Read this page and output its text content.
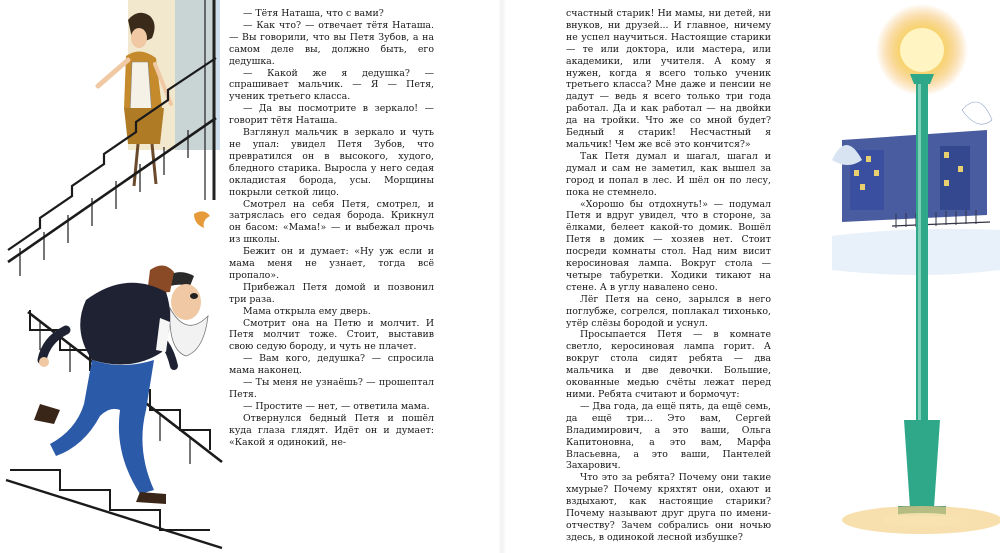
— Тётя Наташа, что с вами?

— Как что? — отвечает тётя Наташа. — Вы говорили, что вы Петя Зубов, а на самом деле вы, должно быть, его дедушка.

— Какой же я дедушка? — спрашивает мальчик. — Я — Петя, ученик третьего класса.

— Да вы посмотрите в зеркало! — говорит тётя Наташа.

Взглянул мальчик в зеркало и чуть не упал: увидел Петя Зубов, что превратился он в высокого, худого, бледного старика. Выросла у него седая окладистая борода, усы. Морщины покрыли сеткой лицо.

Смотрел на себя Петя, смотрел, и затряслась его седая борода. Крикнул он басом: «Мама!» — и выбежал прочь из школы.

Бежит он и думает: «Ну уж если и мама меня не узнает, тогда всё пропало».

Прибежал Петя домой и позвонил три раза.

Мама открыла ему дверь.

Смотрит она на Петю и молчит. И Петя молчит тоже. Стоит, выставив свою седую бороду, и чуть не плачет.

— Вам кого, дедушка? — спросила мама наконец.

— Ты меня не узнаёшь? — прошептал Петя.

— Простите — нет, — ответила мама.

Отвернулся бедный Петя и пошёл куда глаза глядят. Идёт он и думает: «Какой я одинокий, не-

счастный старик! Ни мамы, ни детей, ни внуков, ни друзей... И главное, ничему не успел научиться. Настоящие старики — те или доктора, или мастера, или академики, или учителя. А кому я нужен, когда я всего только ученик третьего класса? Мне даже и пенсии не дадут — ведь я всего только три года работал. Да и как работал — на двойки да на тройки. Что же со мной будет? Бедный я старик! Несчастный я мальчик! Чем же всё это кончится?»

Так Петя думал и шагал, шагал и думал и сам не заметил, как вышел за город и попал в лес. И шёл он по лесу, пока не стемнело.

«Хорошо бы отдохнуть!» — подумал Петя и вдруг увидел, что в стороне, за ёлками, белеет какой-то домик. Вошёл Петя в домик — хозяев нет. Стоит посреди комнаты стол. Над ним висит керосиновая лампа. Вокруг стола — четыре табуретки. Ходики тикают на стене. А в углу навалено сено.

Лёг Петя на сено, зарылся в него поглубже, согрелся, поплакал тихонько, утёр слёзы бородой и уснул.

Просыпается Петя — в комнате светло, керосиновая лампа горит. А вокруг стола сидят ребята — два мальчика и две девочки. Большие, окованные медью счёты лежат перед ними. Ребята считают и бормочут:

— Два года, да ещё пять, да ещё семь, да ещё три... Это вам, Сергей Владимирович, а это ваши, Ольга Капитоновна, а это вам, Марфа Власьевна, а это ваши, Пантелей Захарович.

Что это за ребята? Почему они такие хмурые? Почему кряхтят они, охают и вздыхают, как настоящие старики? Почему называют друг друга по имени-отчеству? Зачем собрались они ночью здесь, в одинокой лесной избушке?
